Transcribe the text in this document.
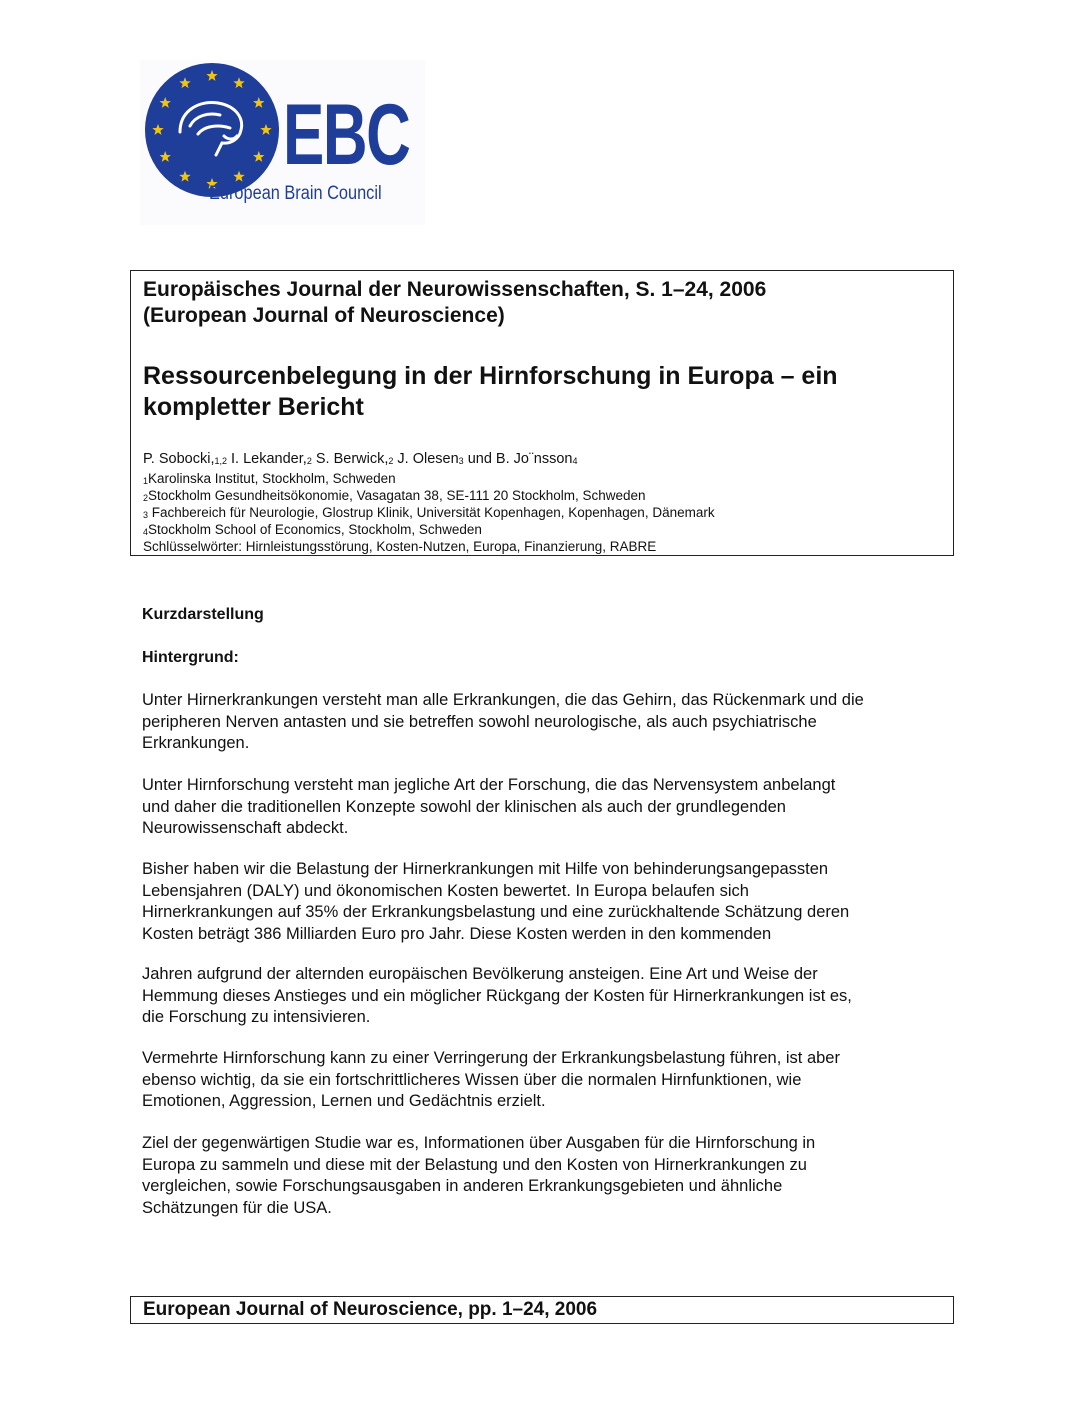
EBC
European Brain Council
Europäisches Journal der Neurowissenschaften, S. 1–24, 2006
(European Journal of Neuroscience)
Ressourcenbelegung in der Hirnforschung in Europa – ein
kompletter Bericht
P. $Sobocki,_{1,2}$ I. $Lekander,_2$ S. $Berwick,_2$ J. Olesen$_3$ und B. Jo¨nsson$_4$
$^1$Karolinska Institut, Stockholm, Schweden
$^2$Stockholm Gesundheitsökonomie, Vasagatan 38, SE-111 20 Stockholm, Schweden
$^3$ Fachbereich für Neurologie, Glostrup Klinik, Universität Kopenhagen, Kopenhagen, Dänemark
$^4$Stockholm School of Economics, Stockholm, Schweden
Schlüsselwörter: Hirnleistungsstörung, Kosten-Nutzen, Europa, Finanzierung, RABRE
Kurzdarstellung
Hintergrund:
Unter Hirnerkrankungen versteht man alle Erkrankungen, die das Gehirn, das Rückenmark und die
peripheren Nerven antasten und sie betreffen sowohl neurologische, als auch psychiatrische
Erkrankungen.
Unter Hirnforschung versteht man jegliche Art der Forschung, die das Nervensystem anbelangt
und daher die traditionellen Konzepte sowohl der klinischen als auch der grundlegenden
Neurowissenschaft abdeckt.
Bisher haben wir die Belastung der Hirnerkrankungen mit Hilfe von behinderungsangepassten
Lebensjahren (DALY) und ökonomischen Kosten bewertet. In Europa belaufen sich
Hirnerkrankungen auf 35% der Erkrankungsbelastung und eine zurückhaltende Schätzung deren
Kosten beträgt 386 Milliarden Euro pro Jahr. Diese Kosten werden in den kommenden
Jahren aufgrund der alternden europäischen Bevölkerung ansteigen. Eine Art und Weise der
Hemmung dieses Anstieges und ein möglicher Rückgang der Kosten für Hirnerkrankungen ist es,
die Forschung zu intensivieren.
Vermehrte Hirnforschung kann zu einer Verringerung der Erkrankungsbelastung führen, ist aber
ebenso wichtig, da sie ein fortschrittlicheres Wissen über die normalen Hirnfunktionen, wie
Emotionen, Aggression, Lernen und Gedächtnis erzielt.
Ziel der gegenwärtigen Studie war es, Informationen über Ausgaben für die Hirnforschung in
Europa zu sammeln und diese mit der Belastung und den Kosten von Hirnerkrankungen zu
vergleichen, sowie Forschungsausgaben in anderen Erkrankungsgebieten und ähnliche
Schätzungen für die USA.
European Journal of Neuroscience, pp. 1–24, 2006
